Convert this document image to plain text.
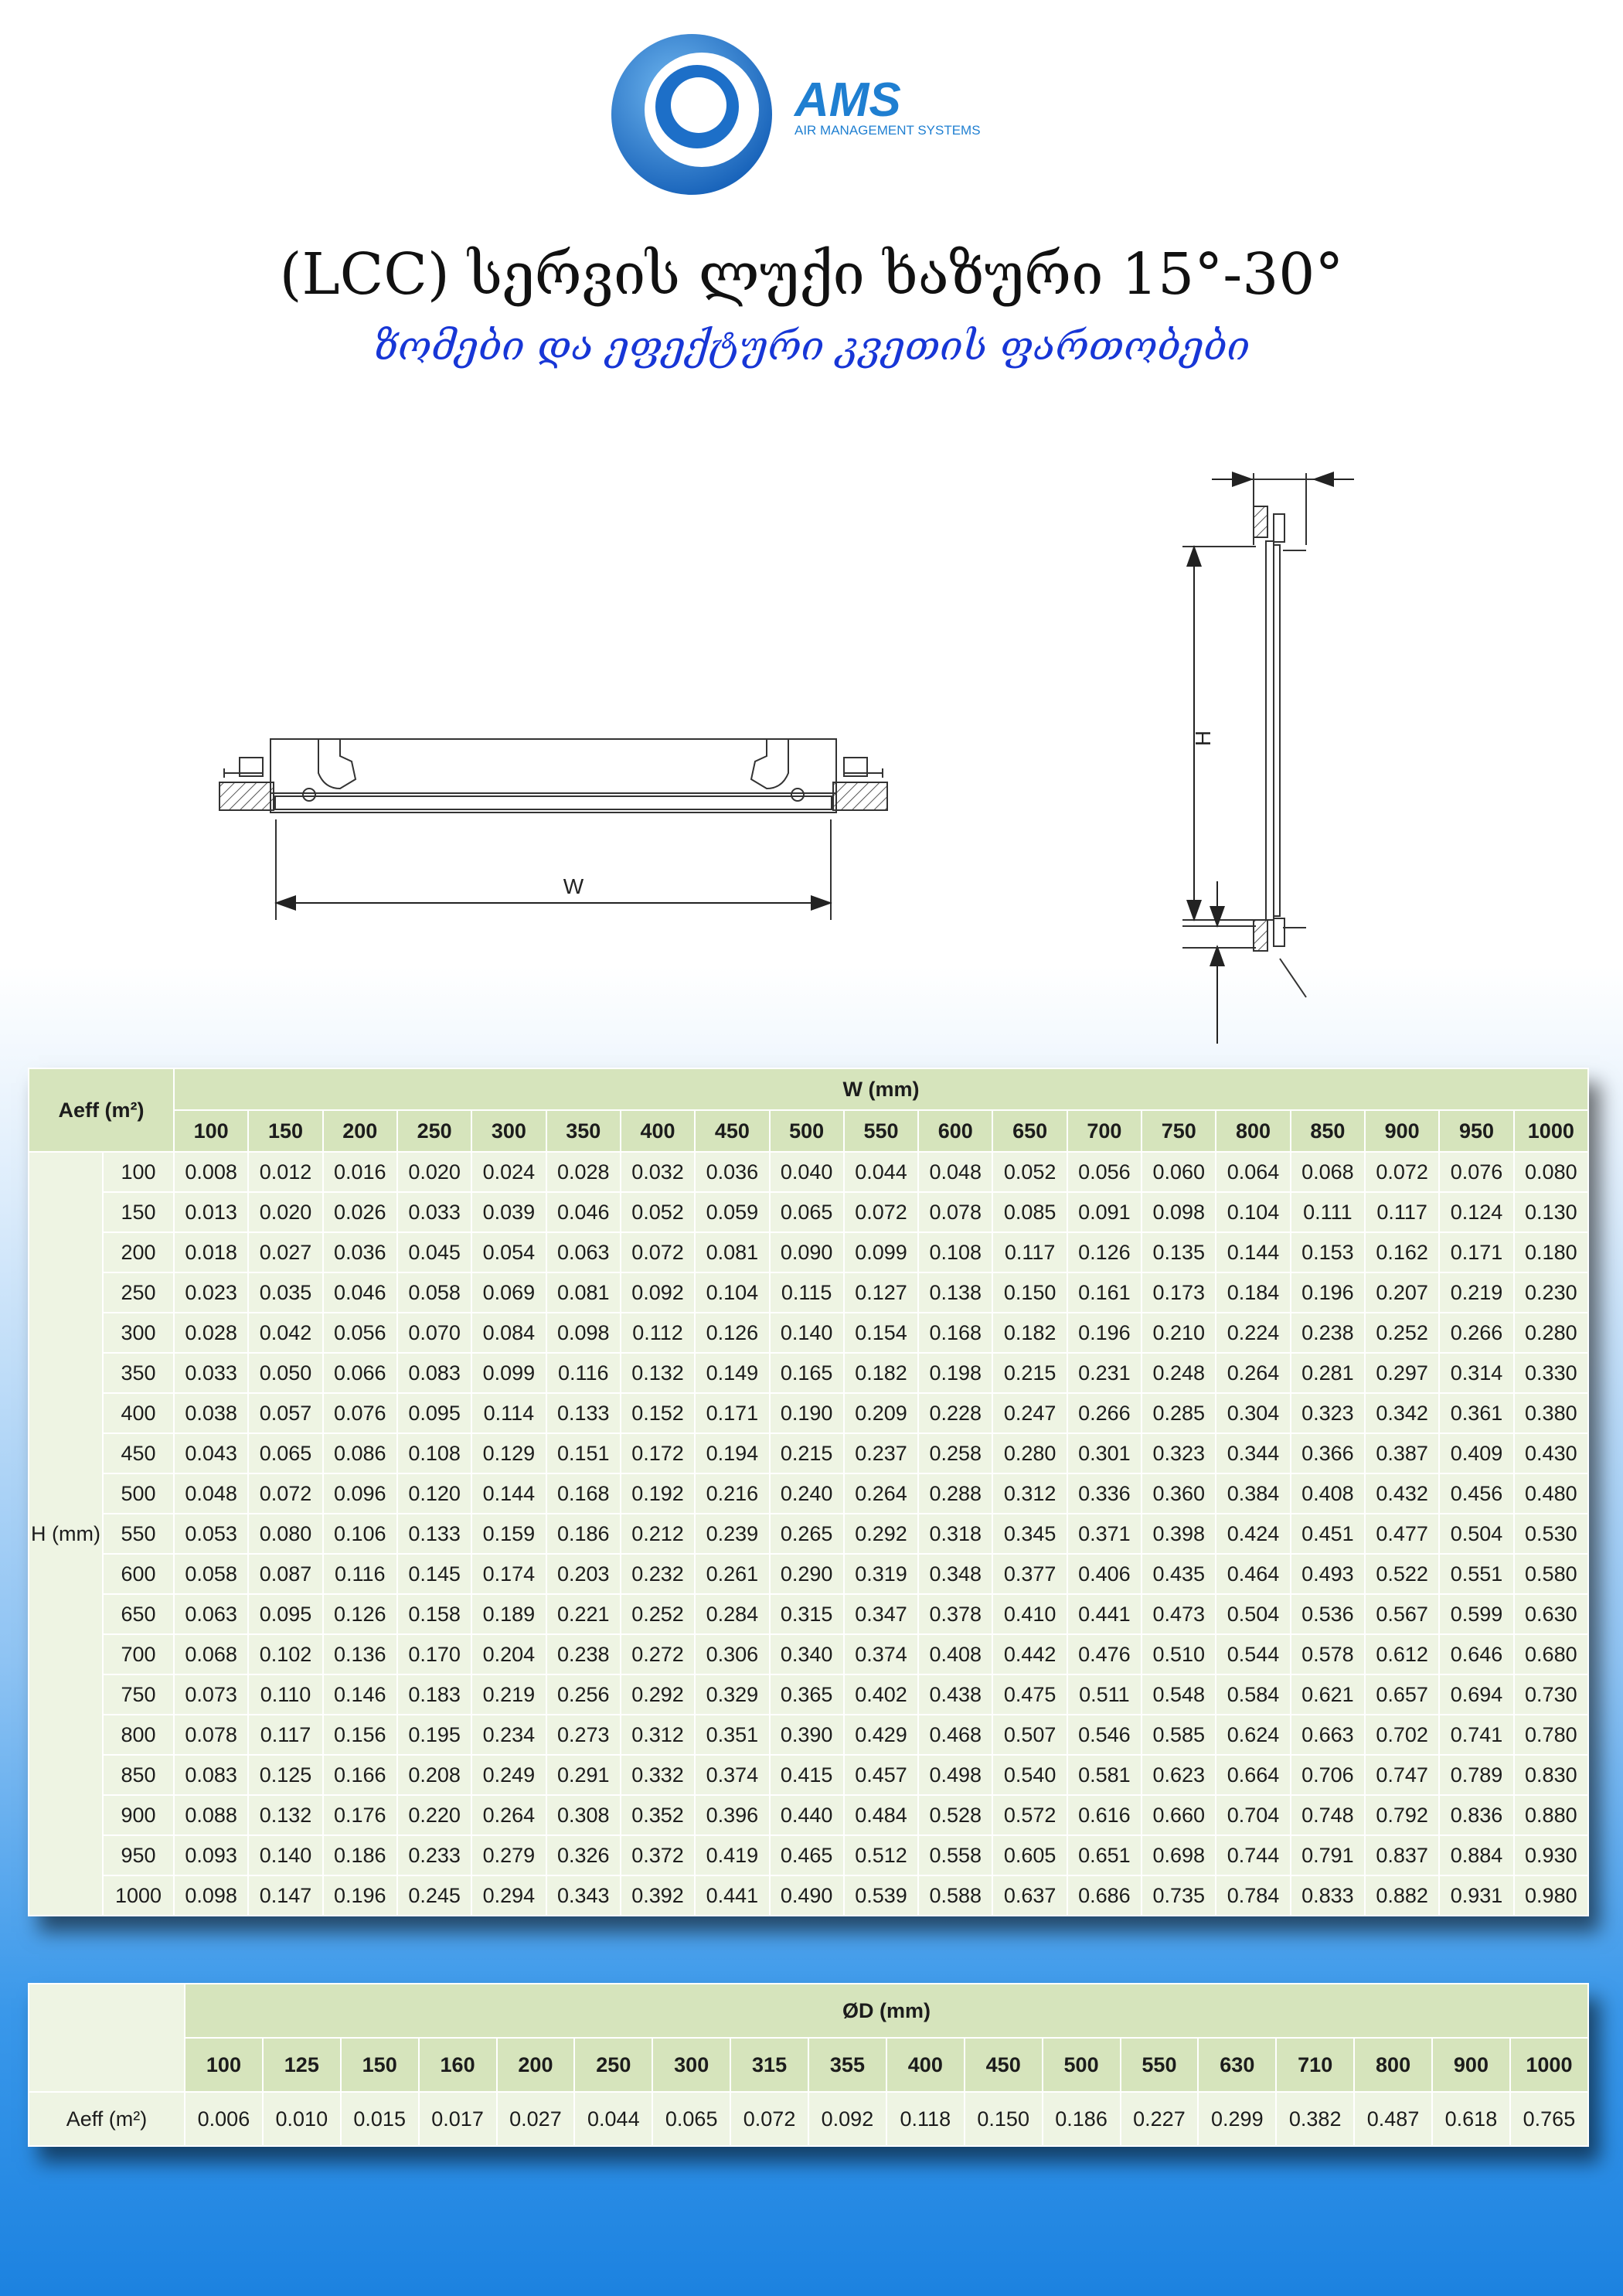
AMS
AIR MANAGEMENT SYSTEMS
(LCC) სერვის ლუქი ხაზური 15°-30°
ზომები და ეფექტური კვეთის ფართობები
W
H
Aeff (m²)		W (mm)																		
		100	150	200	250	300	350	400	450	500	550	600	650	700	750	800	850	900	950	1000
H (mm)	100	0.008	0.012	0.016	0.020	0.024	0.028	0.032	0.036	0.040	0.044	0.048	0.052	0.056	0.060	0.064	0.068	0.072	0.076	0.080
	150	0.013	0.020	0.026	0.033	0.039	0.046	0.052	0.059	0.065	0.072	0.078	0.085	0.091	0.098	0.104	0.111	0.117	0.124	0.130
	200	0.018	0.027	0.036	0.045	0.054	0.063	0.072	0.081	0.090	0.099	0.108	0.117	0.126	0.135	0.144	0.153	0.162	0.171	0.180
	250	0.023	0.035	0.046	0.058	0.069	0.081	0.092	0.104	0.115	0.127	0.138	0.150	0.161	0.173	0.184	0.196	0.207	0.219	0.230
	300	0.028	0.042	0.056	0.070	0.084	0.098	0.112	0.126	0.140	0.154	0.168	0.182	0.196	0.210	0.224	0.238	0.252	0.266	0.280
	350	0.033	0.050	0.066	0.083	0.099	0.116	0.132	0.149	0.165	0.182	0.198	0.215	0.231	0.248	0.264	0.281	0.297	0.314	0.330
	400	0.038	0.057	0.076	0.095	0.114	0.133	0.152	0.171	0.190	0.209	0.228	0.247	0.266	0.285	0.304	0.323	0.342	0.361	0.380
	450	0.043	0.065	0.086	0.108	0.129	0.151	0.172	0.194	0.215	0.237	0.258	0.280	0.301	0.323	0.344	0.366	0.387	0.409	0.430
	500	0.048	0.072	0.096	0.120	0.144	0.168	0.192	0.216	0.240	0.264	0.288	0.312	0.336	0.360	0.384	0.408	0.432	0.456	0.480
	550	0.053	0.080	0.106	0.133	0.159	0.186	0.212	0.239	0.265	0.292	0.318	0.345	0.371	0.398	0.424	0.451	0.477	0.504	0.530
	600	0.058	0.087	0.116	0.145	0.174	0.203	0.232	0.261	0.290	0.319	0.348	0.377	0.406	0.435	0.464	0.493	0.522	0.551	0.580
	650	0.063	0.095	0.126	0.158	0.189	0.221	0.252	0.284	0.315	0.347	0.378	0.410	0.441	0.473	0.504	0.536	0.567	0.599	0.630
	700	0.068	0.102	0.136	0.170	0.204	0.238	0.272	0.306	0.340	0.374	0.408	0.442	0.476	0.510	0.544	0.578	0.612	0.646	0.680
	750	0.073	0.110	0.146	0.183	0.219	0.256	0.292	0.329	0.365	0.402	0.438	0.475	0.511	0.548	0.584	0.621	0.657	0.694	0.730
	800	0.078	0.117	0.156	0.195	0.234	0.273	0.312	0.351	0.390	0.429	0.468	0.507	0.546	0.585	0.624	0.663	0.702	0.741	0.780
	850	0.083	0.125	0.166	0.208	0.249	0.291	0.332	0.374	0.415	0.457	0.498	0.540	0.581	0.623	0.664	0.706	0.747	0.789	0.830
	900	0.088	0.132	0.176	0.220	0.264	0.308	0.352	0.396	0.440	0.484	0.528	0.572	0.616	0.660	0.704	0.748	0.792	0.836	0.880
	950	0.093	0.140	0.186	0.233	0.279	0.326	0.372	0.419	0.465	0.512	0.558	0.605	0.651	0.698	0.744	0.791	0.837	0.884	0.930
	1000	0.098	0.147	0.196	0.245	0.294	0.343	0.392	0.441	0.490	0.539	0.588	0.637	0.686	0.735	0.784	0.833	0.882	0.931	0.980
	ØD (mm)																	
	100	125	150	160	200	250	300	315	355	400	450	500	550	630	710	800	900	1000
Aeff (m²)	0.006	0.010	0.015	0.017	0.027	0.044	0.065	0.072	0.092	0.118	0.150	0.186	0.227	0.299	0.382	0.487	0.618	0.765
